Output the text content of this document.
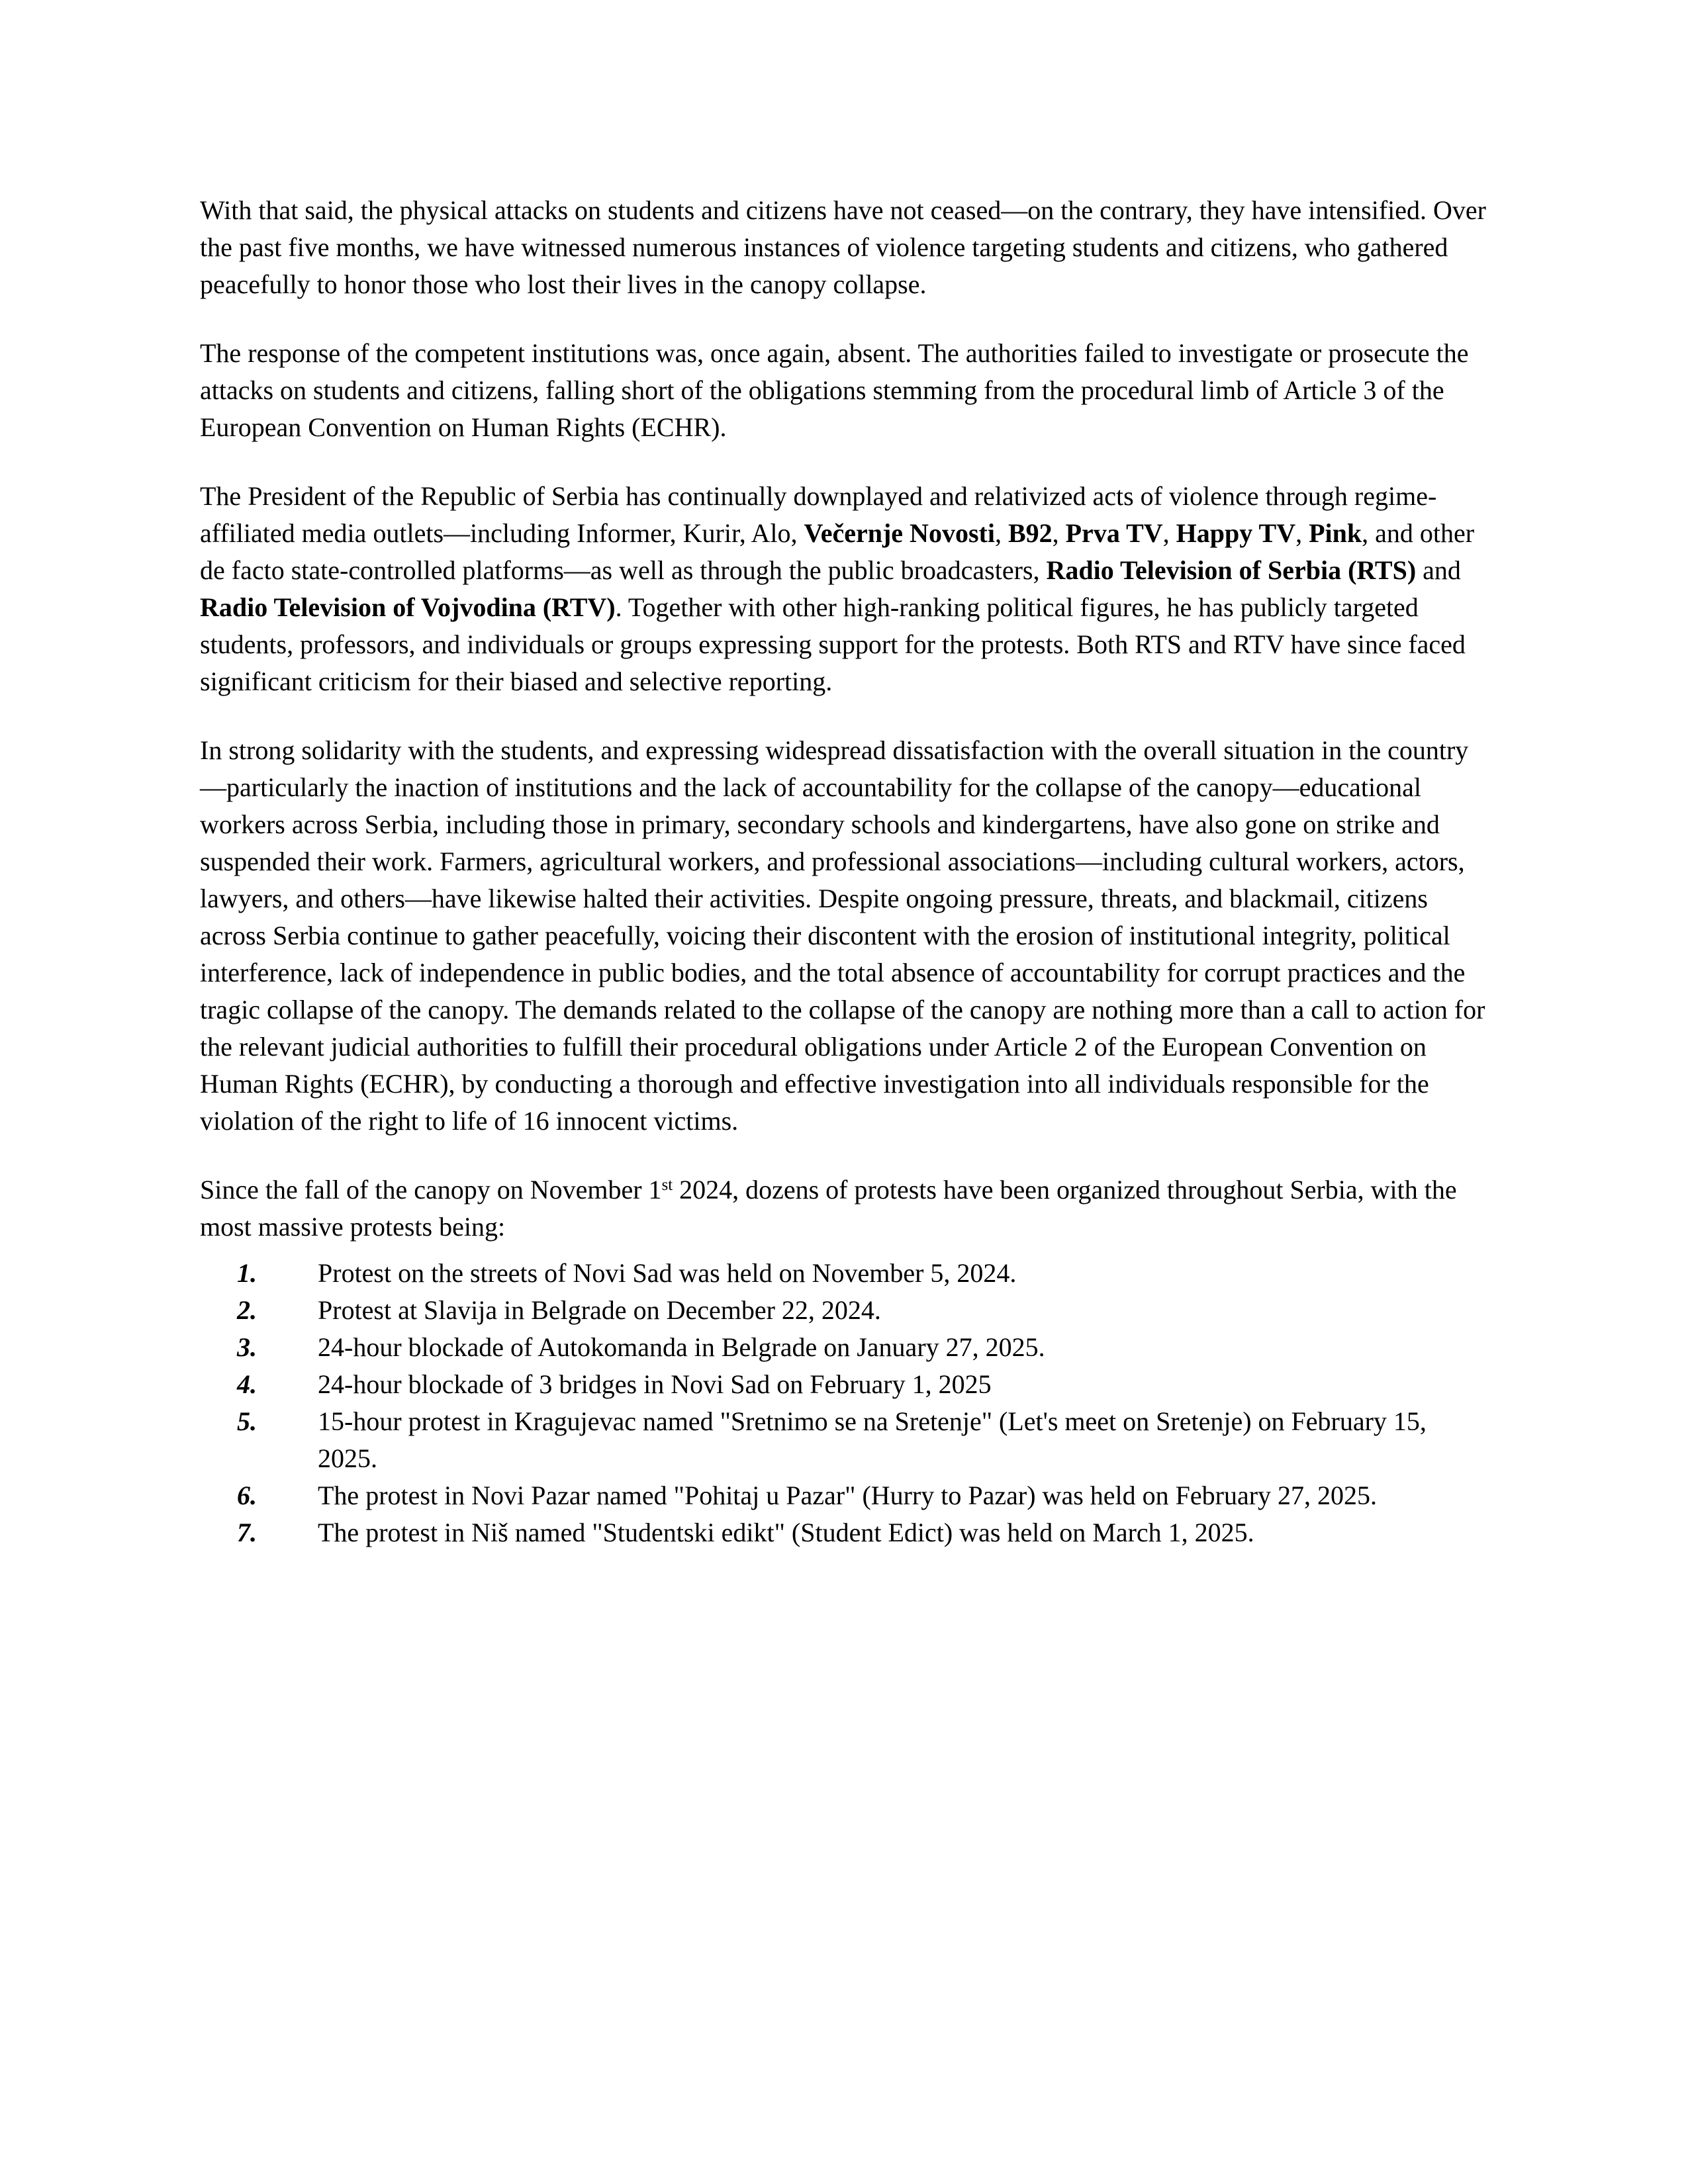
With that said, the physical attacks on students and citizens have not ceased—on the contrary, they have intensified. Over the past five months, we have witnessed numerous instances of violence targeting students and citizens, who gathered peacefully to honor those who lost their lives in the canopy collapse.

The response of the competent institutions was, once again, absent. The authorities failed to investigate or prosecute the attacks on students and citizens, falling short of the obligations stemming from the procedural limb of Article 3 of the European Convention on Human Rights (ECHR).

The President of the Republic of Serbia has continually downplayed and relativized acts of violence through regime-affiliated media outlets—including Informer, Kurir, Alo, Večernje Novosti, B92, Prva TV, Happy TV, Pink, and other de facto state-controlled platforms—as well as through the public broadcasters, Radio Television of Serbia (RTS) and Radio Television of Vojvodina (RTV). Together with other high-ranking political figures, he has publicly targeted students, professors, and individuals or groups expressing support for the protests. Both RTS and RTV have since faced significant criticism for their biased and selective reporting.

In strong solidarity with the students, and expressing widespread dissatisfaction with the overall situation in the country—particularly the inaction of institutions and the lack of accountability for the collapse of the canopy—educational workers across Serbia, including those in primary, secondary schools and kindergartens, have also gone on strike and suspended their work. Farmers, agricultural workers, and professional associations—including cultural workers, actors, lawyers, and others—have likewise halted their activities. Despite ongoing pressure, threats, and blackmail, citizens across Serbia continue to gather peacefully, voicing their discontent with the erosion of institutional integrity, political interference, lack of independence in public bodies, and the total absence of accountability for corrupt practices and the tragic collapse of the canopy. The demands related to the collapse of the canopy are nothing more than a call to action for the relevant judicial authorities to fulfill their procedural obligations under Article 2 of the European Convention on Human Rights (ECHR), by conducting a thorough and effective investigation into all individuals responsible for the violation of the right to life of 16 innocent victims.

Since the fall of the canopy on November 1st 2024, dozens of protests have been organized throughout Serbia, with the most massive protests being:

1.	Protest on the streets of Novi Sad was held on November 5, 2024.
2.	Protest at Slavija in Belgrade on December 22, 2024.
3.	24-hour blockade of Autokomanda in Belgrade on January 27, 2025.
4.	24-hour blockade of 3 bridges in Novi Sad on February 1, 2025
5.	15-hour protest in Kragujevac named "Sretnimo se na Sretenje" (Let's meet on Sretenje) on February 15, 2025.
6.	The protest in Novi Pazar named "Pohitaj u Pazar" (Hurry to Pazar) was held on February 27, 2025.
7.	The protest in Niš named "Studentski edikt" (Student Edict) was held on March 1, 2025.
